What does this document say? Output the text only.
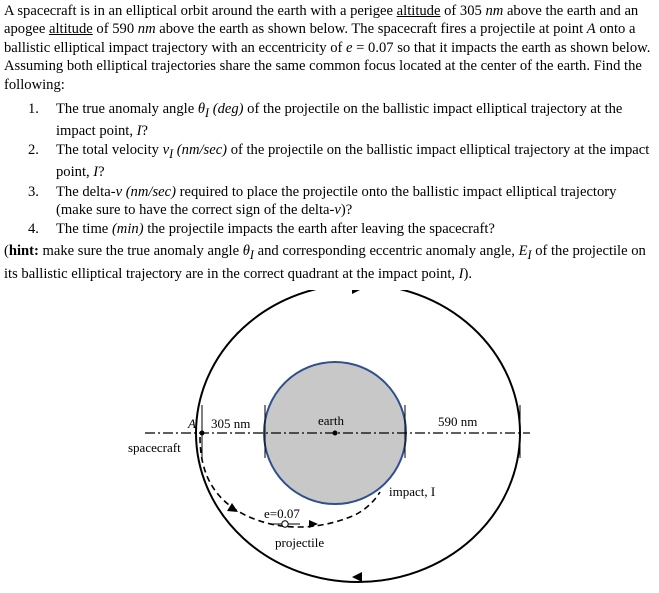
A spacecraft is in an elliptical orbit around the earth with a perigee altitude of 305 nm above the earth and an apogee altitude of 590 nm above the earth as shown below. The spacecraft fires a projectile at point A onto a ballistic elliptical impact trajectory with an eccentricity of e = 0.07 so that it impacts the earth as shown below. Assuming both elliptical trajectories share the same common focus located at the center of the earth. Find the following:

1. The true anomaly angle $\theta_I$ (deg) of the projectile on the ballistic impact elliptical trajectory at the impact point, I?
2. The total velocity $v_I$ (nm/sec) of the projectile on the ballistic impact elliptical trajectory at the impact point, I?
3. The delta-v (nm/sec) required to place the projectile onto the ballistic impact elliptical trajectory (make sure to have the correct sign of the delta-v)?
4. The time (min) the projectile impacts the earth after leaving the spacecraft?

(hint: make sure the true anomaly angle $\theta_I$ and corresponding eccentric anomaly angle, $E_I$ of the projectile on its ballistic elliptical trajectory are in the correct quadrant at the impact point, I).

A
spacecraft
305 nm	590 nm
earth
impact, I
e=0.07
projectile
